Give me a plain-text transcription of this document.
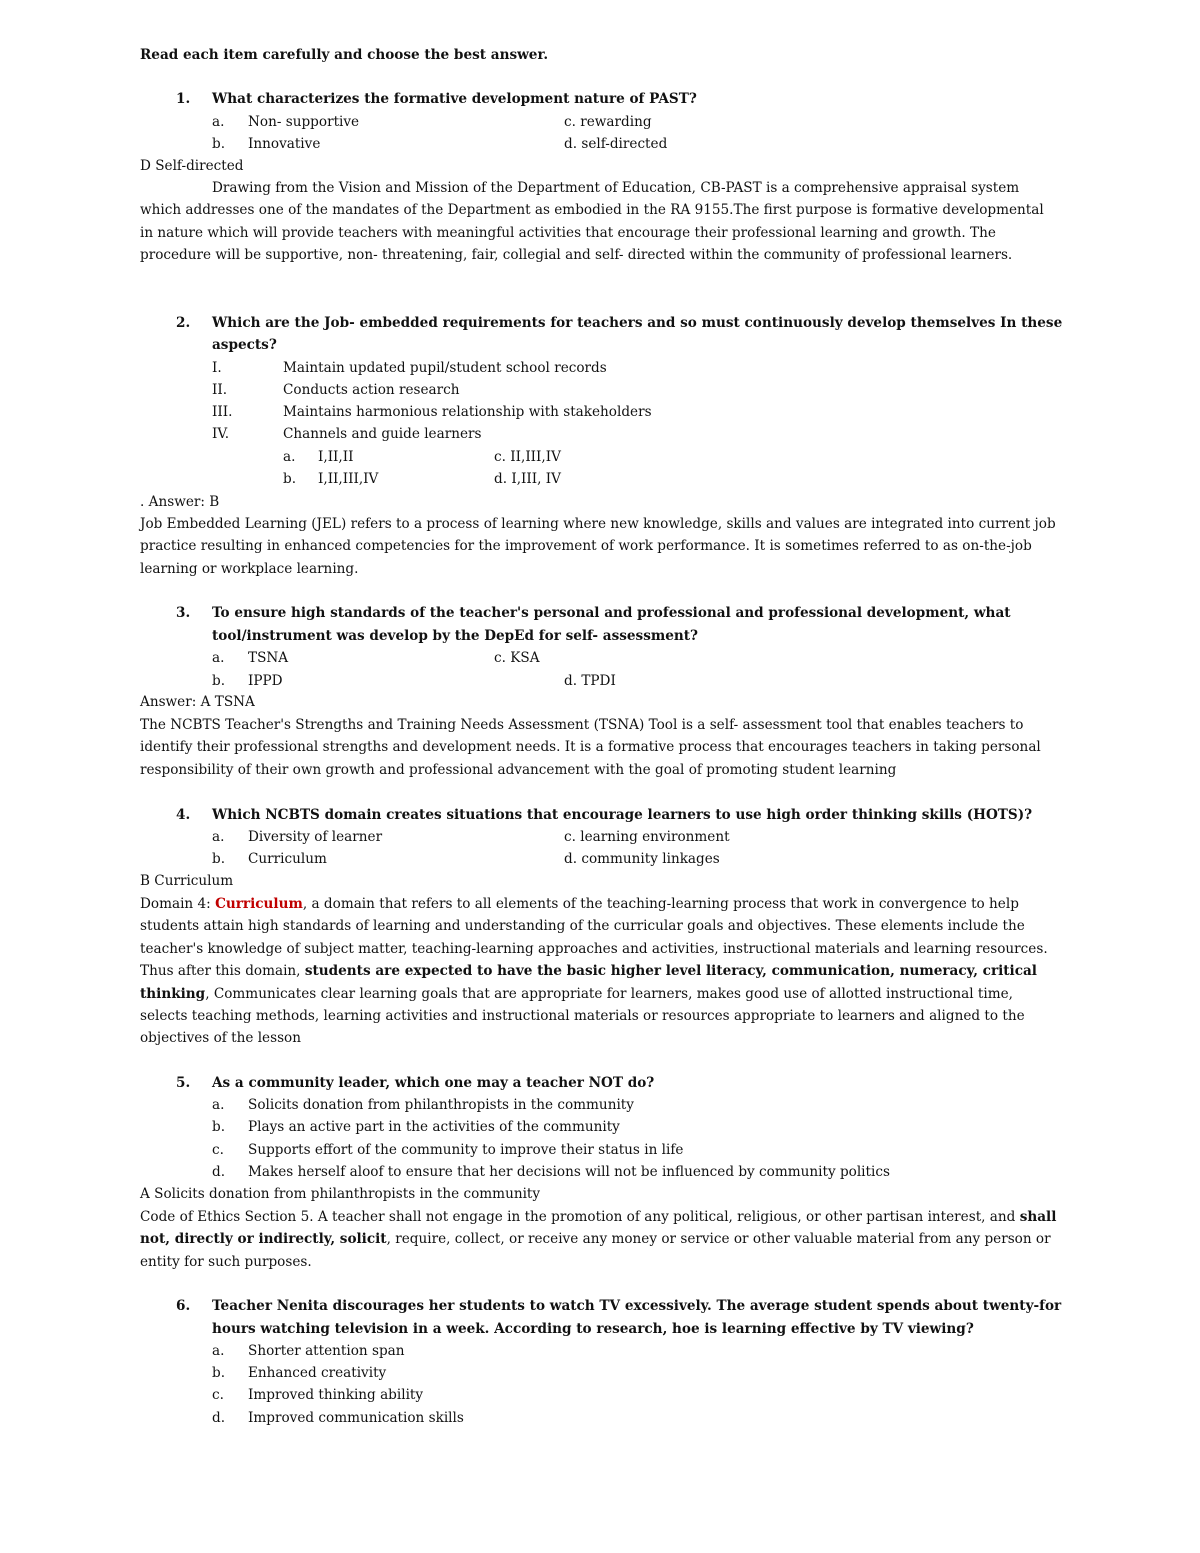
Read each item carefully and choose the best answer.
1. What characterizes the formative development nature of PAST?
a. Non- supportive	c. rewarding
b. Innovative	d. self-directed
D Self-directed
Drawing from the Vision and Mission of the Department of Education, CB-PAST is a comprehensive appraisal system which addresses one of the mandates of the Department as embodied in the RA 9155.The first purpose is formative developmental in nature which will provide teachers with meaningful activities that encourage their professional learning and growth. The procedure will be supportive, non- threatening, fair, collegial and self- directed within the community of professional learners.
2. Which are the Job- embedded requirements for teachers and so must continuously develop themselves In these
aspects?
I.	Maintain updated pupil/student school records
II.	Conducts action research
III.	Maintains harmonious relationship with stakeholders
IV.	Channels and guide learners
a. I,II,II	c. II,III,IV
b. I,II,III,IV	d. I,III, IV
. Answer: B
Job Embedded Learning (JEL) refers to a process of learning where new knowledge, skills and values are integrated into current job practice resulting in enhanced competencies for the improvement of work performance. It is sometimes referred to as on-the-job learning or workplace learning.
3. To ensure high standards of the teacher's personal and professional and professional development, what
tool/instrument was develop by the DepEd for self- assessment?
a. TSNA	c. KSA
b. IPPD	d. TPDI
Answer: A TSNA
The NCBTS Teacher's Strengths and Training Needs Assessment (TSNA) Tool is a self- assessment tool that enables teachers to identify their professional strengths and development needs. It is a formative process that encourages teachers in taking personal responsibility of their own growth and professional advancement with the goal of promoting student learning
4. Which NCBTS domain creates situations that encourage learners to use high order thinking skills (HOTS)?
a. Diversity of learner	c. learning environment
b. Curriculum	d. community linkages
B Curriculum
Domain 4: Curriculum, a domain that refers to all elements of the teaching-learning process that work in convergence to help students attain high standards of learning and understanding of the curricular goals and objectives. These elements include the teacher's knowledge of subject matter, teaching-learning approaches and activities, instructional materials and learning resources. Thus after this domain, students are expected to have the basic higher level literacy, communication, numeracy, critical thinking, Communicates clear learning goals that are appropriate for learners, makes good use of allotted instructional time, selects teaching methods, learning activities and instructional materials or resources appropriate to learners and aligned to the objectives of the lesson
5. As a community leader, which one may a teacher NOT do?
a. Solicits donation from philanthropists in the community
b. Plays an active part in the activities of the community
c. Supports effort of the community to improve their status in life
d. Makes herself aloof to ensure that her decisions will not be influenced by community politics
A Solicits donation from philanthropists in the community
Code of Ethics Section 5. A teacher shall not engage in the promotion of any political, religious, or other partisan interest, and shall not, directly or indirectly, solicit, require, collect, or receive any money or service or other valuable material from any person or entity for such purposes.
6. Teacher Nenita discourages her students to watch TV excessively. The average student spends about twenty-for
hours watching television in a week. According to research, hoe is learning effective by TV viewing?
a. Shorter attention span
b. Enhanced creativity
c. Improved thinking ability
d. Improved communication skills
